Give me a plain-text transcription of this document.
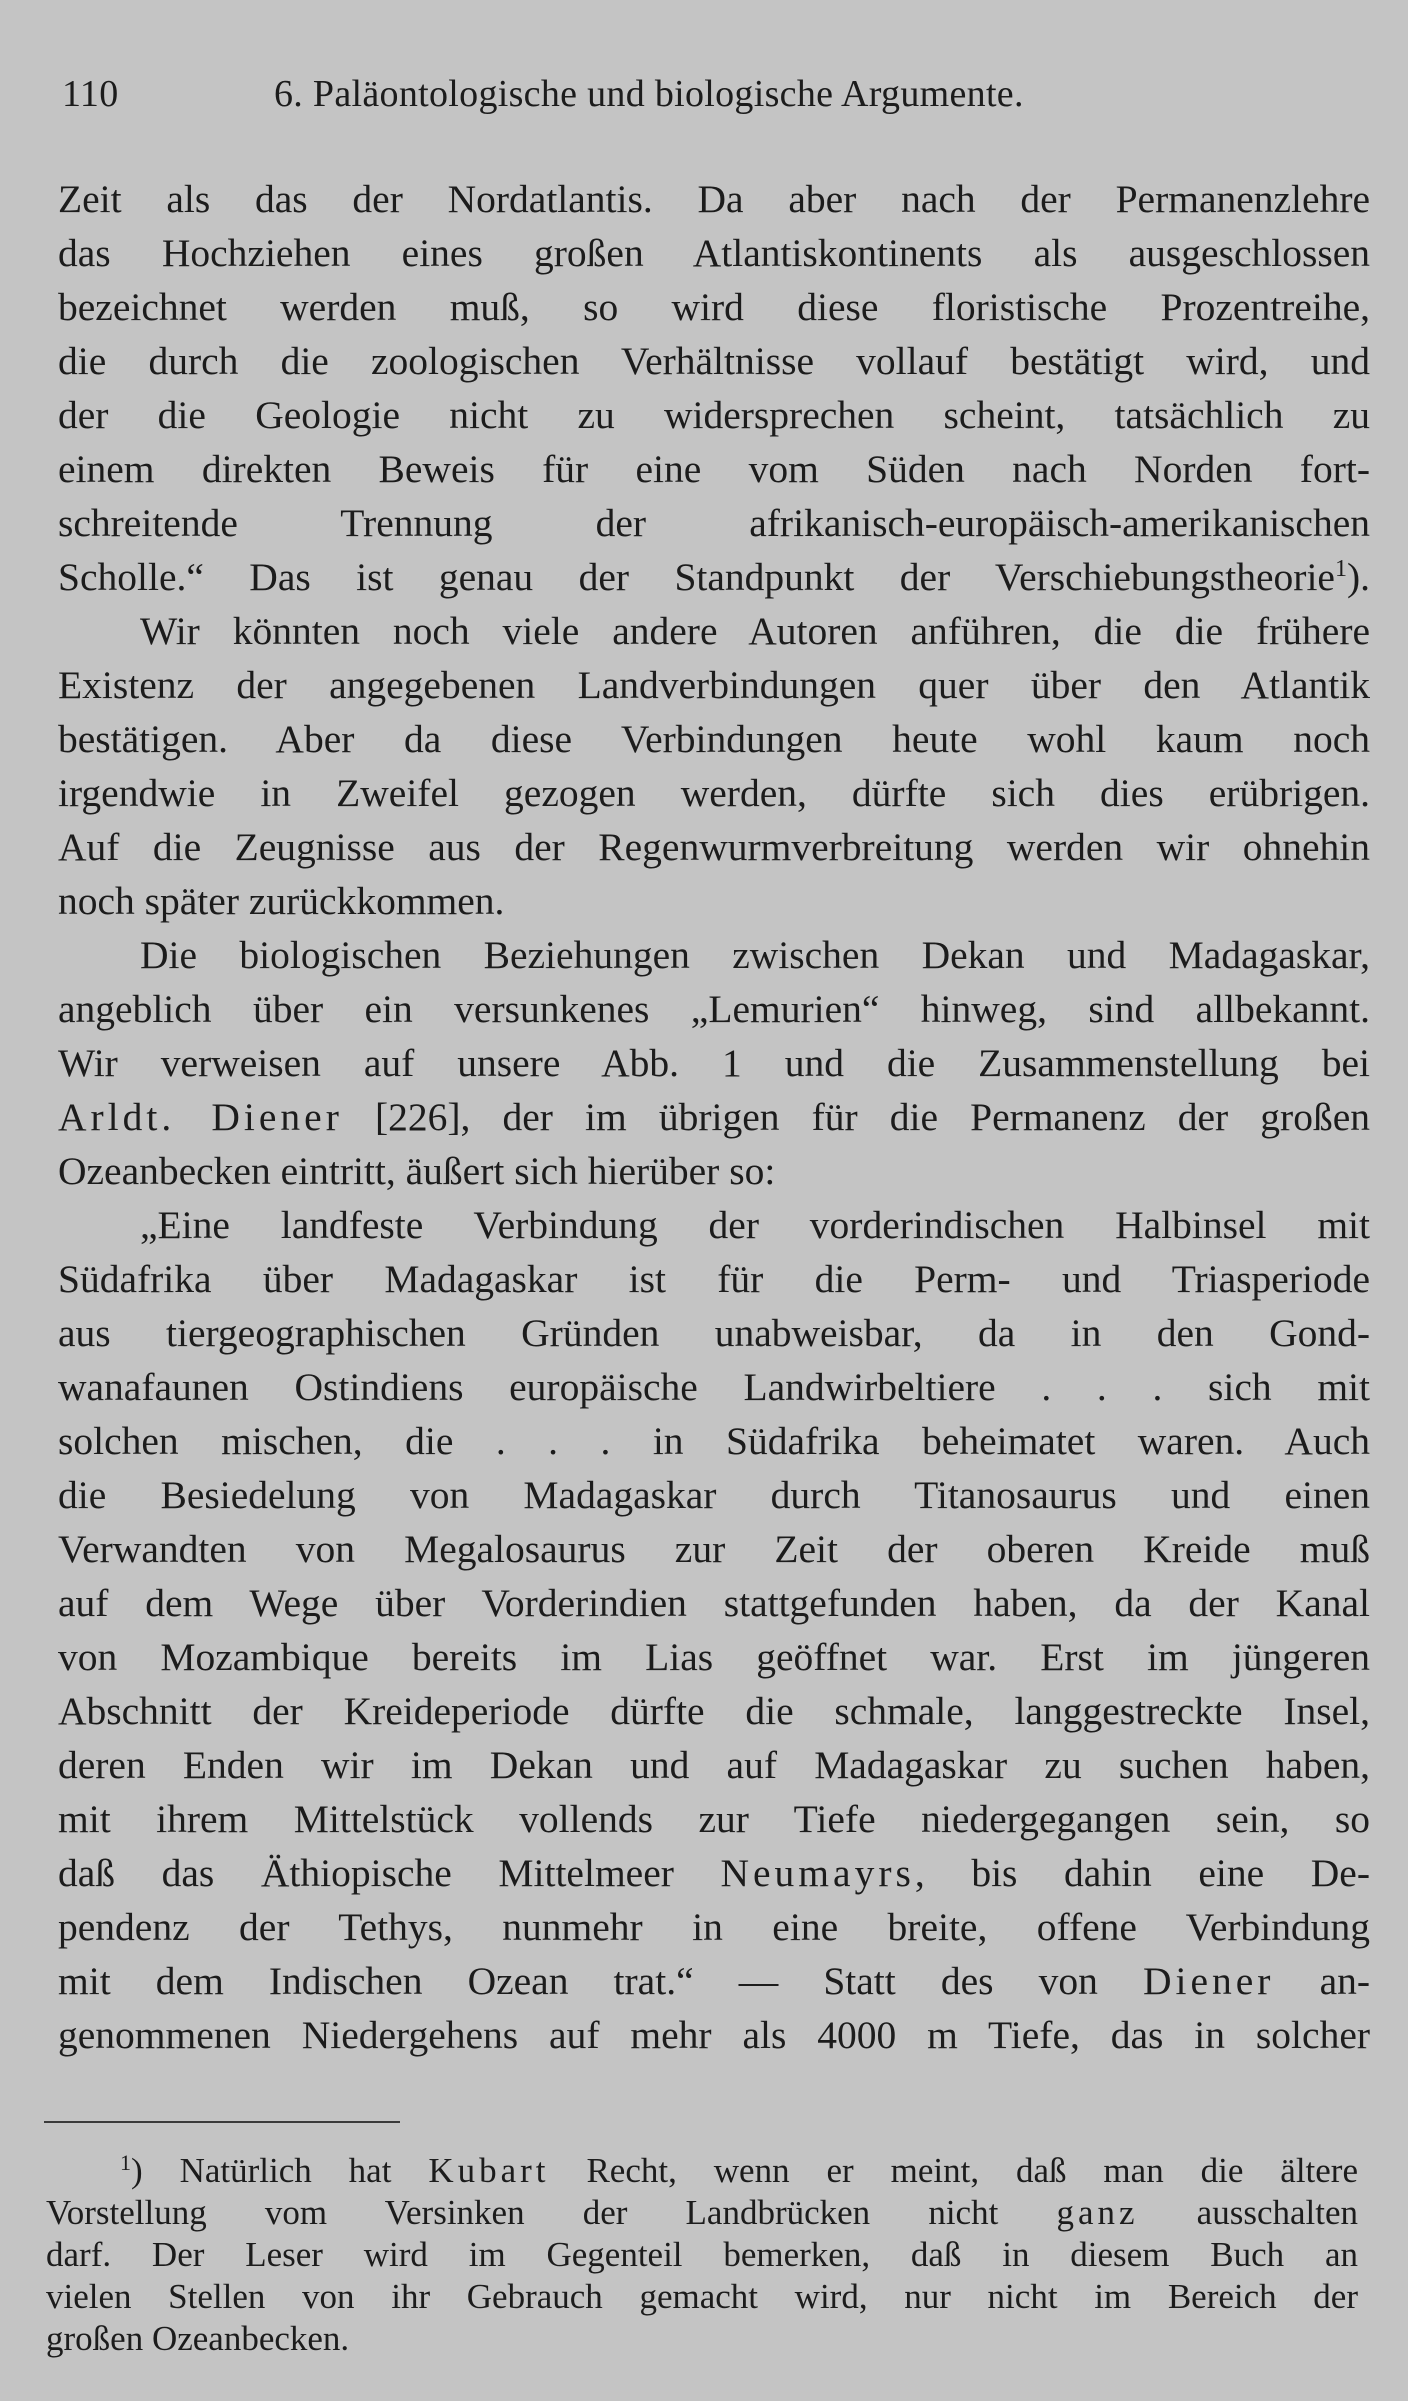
110	6. Paläontologische und biologische Argumente.
Zeit als das der Nordatlantis. Da aber nach der Permanenzlehre
das Hochziehen eines großen Atlantiskontinents als ausgeschlossen
bezeichnet werden muß, so wird diese floristische Prozentreihe,
die durch die zoologischen Verhältnisse vollauf bestätigt wird, und
der die Geologie nicht zu widersprechen scheint, tatsächlich zu
einem direkten Beweis für eine vom Süden nach Norden fort-
schreitende Trennung der afrikanisch-europäisch-amerikanischen
Scholle.“ Das ist genau der Standpunkt der Verschiebungstheorie$^1$).
Wir könnten noch viele andere Autoren anführen, die die frühere
Existenz der angegebenen Landverbindungen quer über den Atlantik
bestätigen. Aber da diese Verbindungen heute wohl kaum noch
irgendwie in Zweifel gezogen werden, dürfte sich dies erübrigen.
Auf die Zeugnisse aus der Regenwurmverbreitung werden wir ohnehin
noch später zurückkommen.
Die biologischen Beziehungen zwischen Dekan und Madagaskar,
angeblich über ein versunkenes „Lemurien“ hinweg, sind allbekannt.
Wir verweisen auf unsere Abb. 1 und die Zusammenstellung bei
Arldt. Diener [226], der im übrigen für die Permanenz der großen
Ozeanbecken eintritt, äußert sich hierüber so:
„Eine landfeste Verbindung der vorderindischen Halbinsel mit
Südafrika über Madagaskar ist für die Perm- und Triasperiode
aus tiergeographischen Gründen unabweisbar, da in den Gond-
wanafaunen Ostindiens europäische Landwirbeltiere . . . sich mit
solchen mischen, die . . . in Südafrika beheimatet waren. Auch
die Besiedelung von Madagaskar durch Titanosaurus und einen
Verwandten von Megalosaurus zur Zeit der oberen Kreide muß
auf dem Wege über Vorderindien stattgefunden haben, da der Kanal
von Mozambique bereits im Lias geöffnet war. Erst im jüngeren
Abschnitt der Kreideperiode dürfte die schmale, langgestreckte Insel,
deren Enden wir im Dekan und auf Madagaskar zu suchen haben,
mit ihrem Mittelstück vollends zur Tiefe niedergegangen sein, so
daß das Äthiopische Mittelmeer Neumayrs, bis dahin eine De-
pendenz der Tethys, nunmehr in eine breite, offene Verbindung
mit dem Indischen Ozean trat.“ — Statt des von Diener an-
genommenen Niedergehens auf mehr als 4000 m Tiefe, das in solcher
$^1$) Natürlich hat Kubart Recht, wenn er meint, daß man die ältere
Vorstellung vom Versinken der Landbrücken nicht ganz ausschalten
darf. Der Leser wird im Gegenteil bemerken, daß in diesem Buch an
vielen Stellen von ihr Gebrauch gemacht wird, nur nicht im Bereich der
großen Ozeanbecken.
